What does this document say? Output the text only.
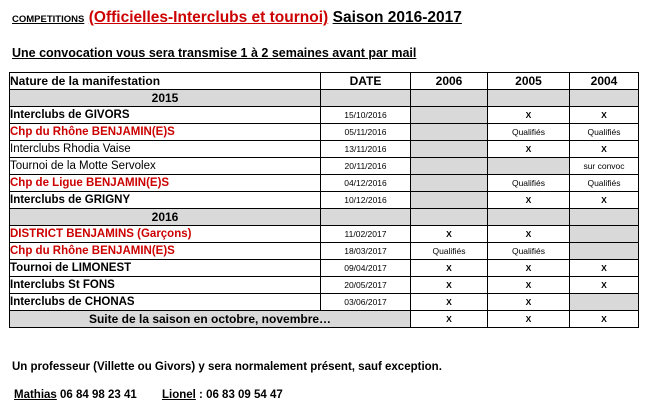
COMPETITIONS (Officielles-Interclubs et tournoi) Saison 2016-2017
Une convocation vous sera transmise 1 à 2 semaines avant par mail
Nature de la manifestation	DATE	2006	2005	2004
2015				
Interclubs de GIVORS	15/10/2016		X	X
Chp du Rhône BENJAMIN(E)S	05/11/2016		Qualifiés	Qualifiés
Interclubs Rhodia Vaise	13/11/2016		X	X
Tournoi de la Motte Servolex	20/11/2016			sur convoc
Chp de Ligue BENJAMIN(E)S	04/12/2016		Qualifiés	Qualifiés
Interclubs de GRIGNY	10/12/2016		X	X
2016				
DISTRICT BENJAMINS (Garçons)	11/02/2017	X	X	
Chp du Rhône BENJAMIN(E)S	18/03/2017	Qualifiés	Qualifiés	
Tournoi de LIMONEST	09/04/2017	X	X	X
Interclubs St FONS	20/05/2017	X	X	X
Interclubs de CHONAS	03/06/2017	X	X	
Suite de la saison en octobre, novembre…		X	X	X
Un professeur (Villette ou Givors) y sera normalement présent, sauf exception.
Mathias 06 84 98 23 41 Lionel : 06 83 09 54 47
